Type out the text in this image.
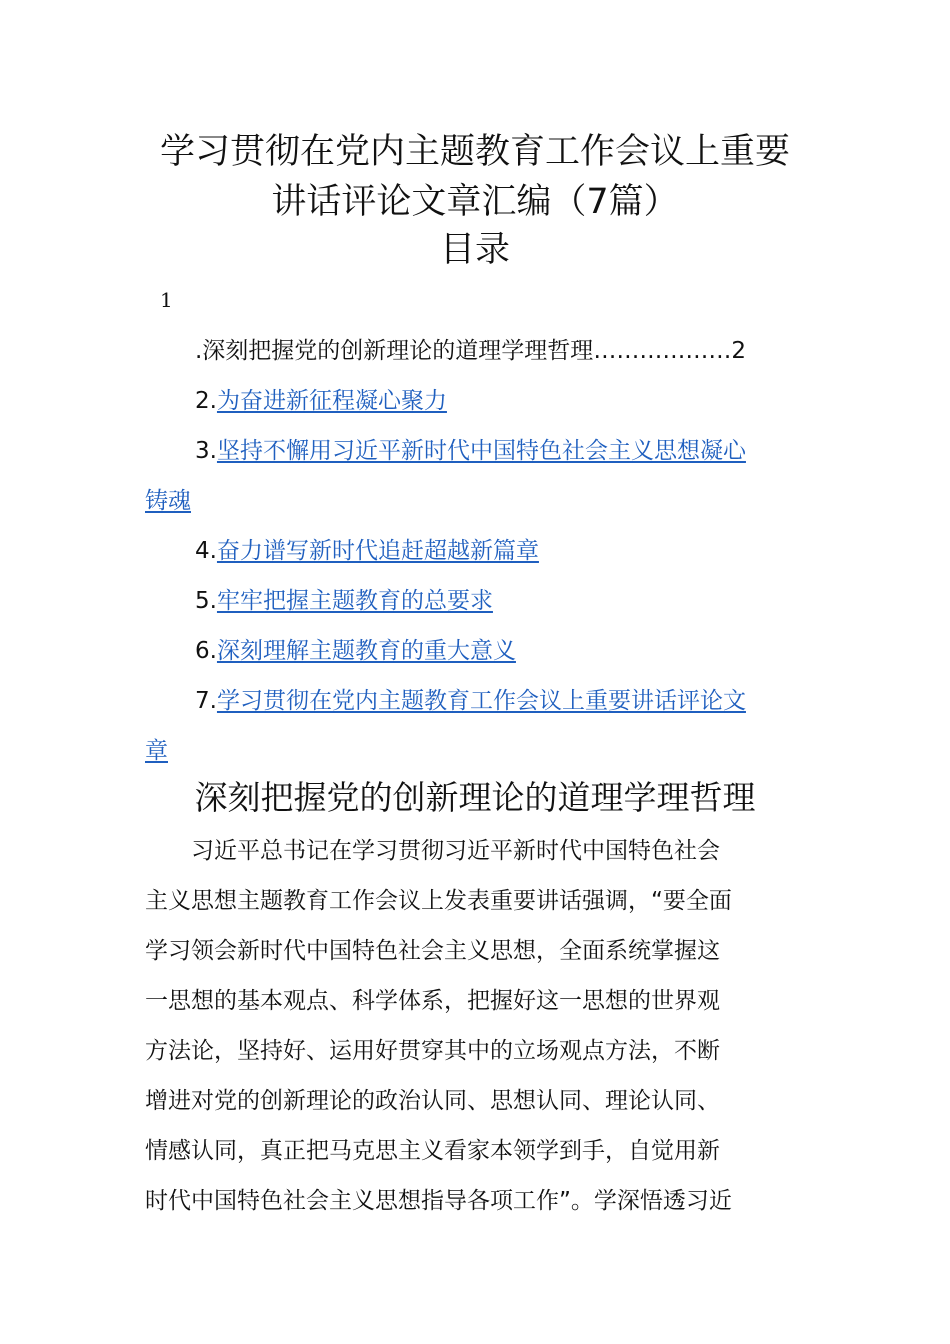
学习贯彻在党内主题教育工作会议上重要
讲话评论文章汇编（7篇）
目录
1
.深刻把握党的创新理论的道理学理哲理………………2
2.为奋进新征程凝心聚力
3.坚持不懈用习近平新时代中国特色社会主义思想凝心
铸魂
4.奋力谱写新时代追赶超越新篇章
5.牢牢把握主题教育的总要求
6.深刻理解主题教育的重大意义
7.学习贯彻在党内主题教育工作会议上重要讲话评论文
章
深刻把握党的创新理论的道理学理哲理
习近平总书记在学习贯彻习近平新时代中国特色社会
主义思想主题教育工作会议上发表重要讲话强调，“要全面
学习领会新时代中国特色社会主义思想，全面系统掌握这
一思想的基本观点、科学体系，把握好这一思想的世界观
方法论，坚持好、运用好贯穿其中的立场观点方法，不断
增进对党的创新理论的政治认同、思想认同、理论认同、
情感认同，真正把马克思主义看家本领学到手，自觉用新
时代中国特色社会主义思想指导各项工作”。学深悟透习近
